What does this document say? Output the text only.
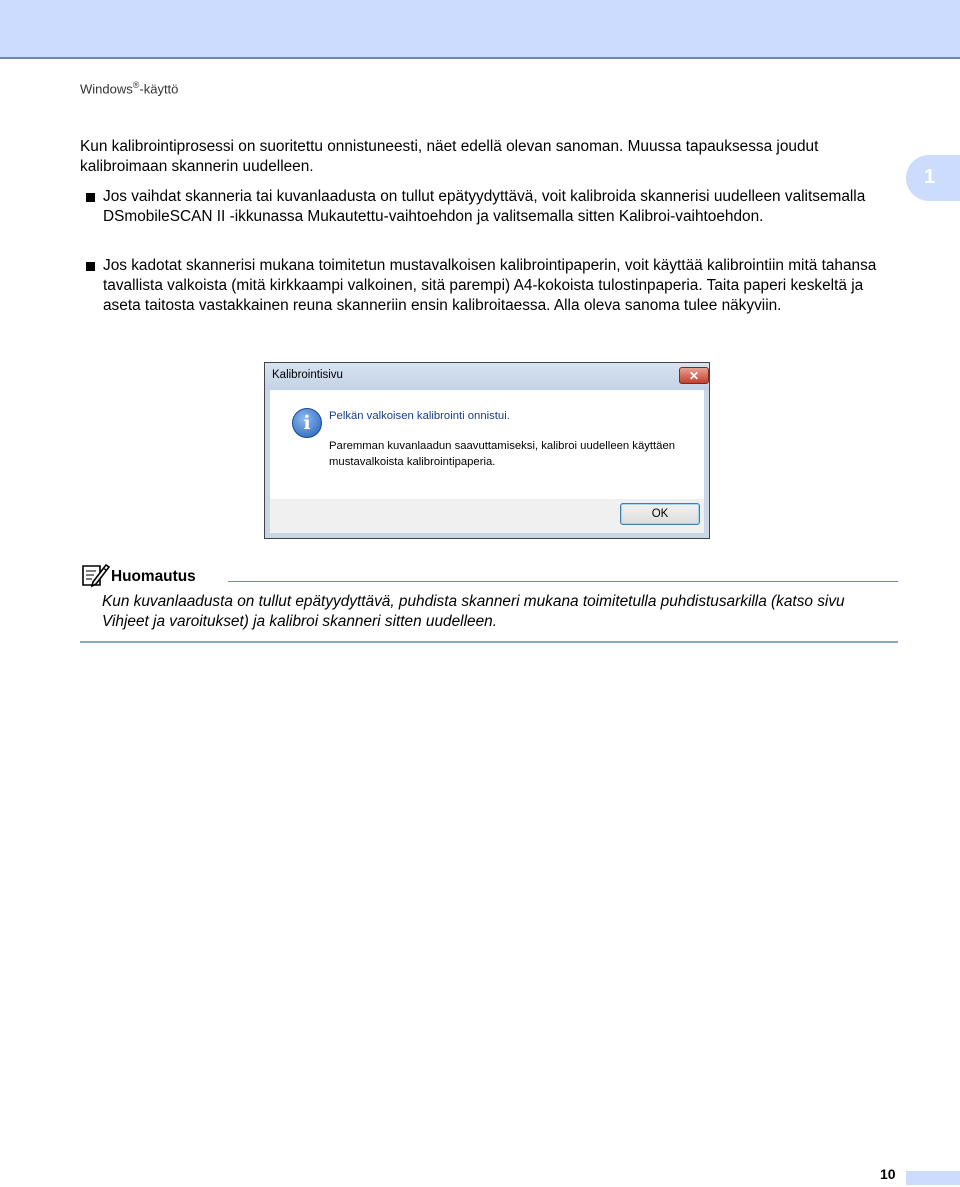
Windows®-käyttö
1
Kun kalibrointiprosessi on suoritettu onnistuneesti, näet edellä olevan sanoman. Muussa tapauksessa joudut kalibroimaan skannerin uudelleen.
Jos vaihdat skanneria tai kuvanlaadusta on tullut epätyydyttävä, voit kalibroida skannerisi uudelleen valitsemalla DSmobileSCAN II -ikkunassa Mukautettu-vaihtoehdon ja valitsemalla sitten Kalibroi-vaihtoehdon.
Jos kadotat skannerisi mukana toimitetun mustavalkoisen kalibrointipaperin, voit käyttää kalibrointiin mitä tahansa tavallista valkoista (mitä kirkkaampi valkoinen, sitä parempi) A4-kokoista tulostinpaperia. Taita paperi keskeltä ja aseta taitosta vastakkainen reuna skanneriin ensin kalibroitaessa. Alla oleva sanoma tulee näkyviin.
Kalibrointisivu	✕
i	Pelkän valkoisen kalibrointi onnistui.
Paremman kuvanlaadun saavuttamiseksi, kalibroi uudelleen käyttäen mustavalkoista kalibrointipaperia.
OK
Huomautus
Kun kuvanlaadusta on tullut epätyydyttävä, puhdista skanneri mukana toimitetulla puhdistusarkilla (katso sivu Vihjeet ja varoitukset) ja kalibroi skanneri sitten uudelleen.
10
